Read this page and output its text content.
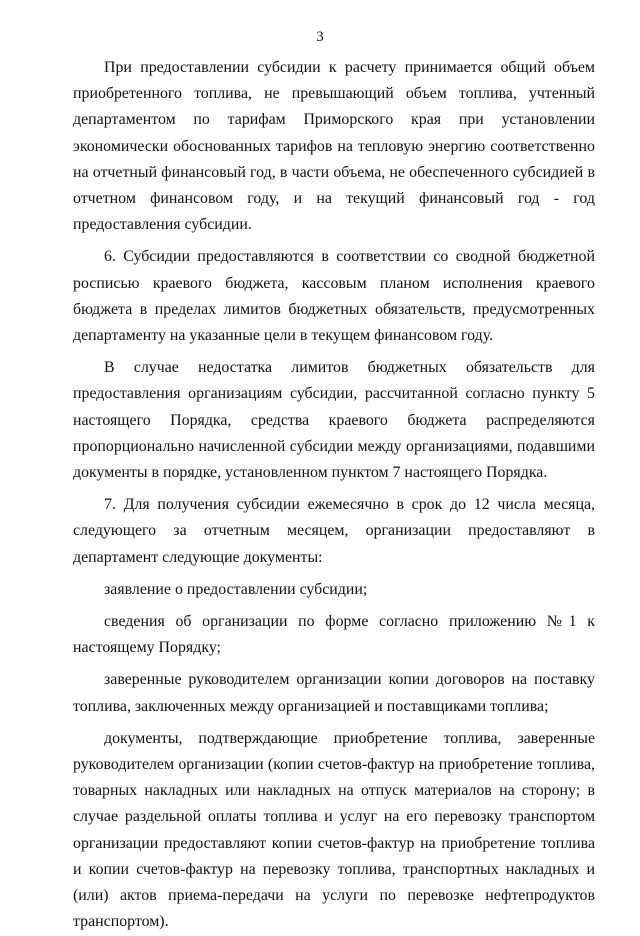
3

При предоставлении субсидии к расчету принимается общий объем приобретенного топлива, не превышающий объем топлива, учтенный департаментом по тарифам Приморского края при установлении экономически обоснованных тарифов на тепловую энергию соответственно на отчетный финансовый год, в части объема, не обеспеченного субсидией в отчетном финансовом году, и на текущий финансовый год - год предоставления субсидии.

6. Субсидии предоставляются в соответствии со сводной бюджетной росписью краевого бюджета, кассовым планом исполнения краевого бюджета в пределах лимитов бюджетных обязательств, предусмотренных департаменту на указанные цели в текущем финансовом году.

В случае недостатка лимитов бюджетных обязательств для предоставления организациям субсидии, рассчитанной согласно пункту 5 настоящего Порядка, средства краевого бюджета распределяются пропорционально начисленной субсидии между организациями, подавшими документы в порядке, установленном пунктом 7 настоящего Порядка.

7. Для получения субсидии ежемесячно в срок до 12 числа месяца, следующего за отчетным месяцем, организации предоставляют в департамент следующие документы:

заявление о предоставлении субсидии;

сведения об организации по форме согласно приложению №1 к настоящему Порядку;

заверенные руководителем организации копии договоров на поставку топлива, заключенных между организацией и поставщиками топлива;

документы, подтверждающие приобретение топлива, заверенные руководителем организации (копии счетов-фактур на приобретение топлива, товарных накладных или накладных на отпуск материалов на сторону; в случае раздельной оплаты топлива и услуг на его перевозку транспортом организации предоставляют копии счетов-фактур на приобретение топлива и копии счетов-фактур на перевозку топлива, транспортных накладных и (или) актов приема-передачи на услуги по перевозке нефтепродуктов транспортом).
